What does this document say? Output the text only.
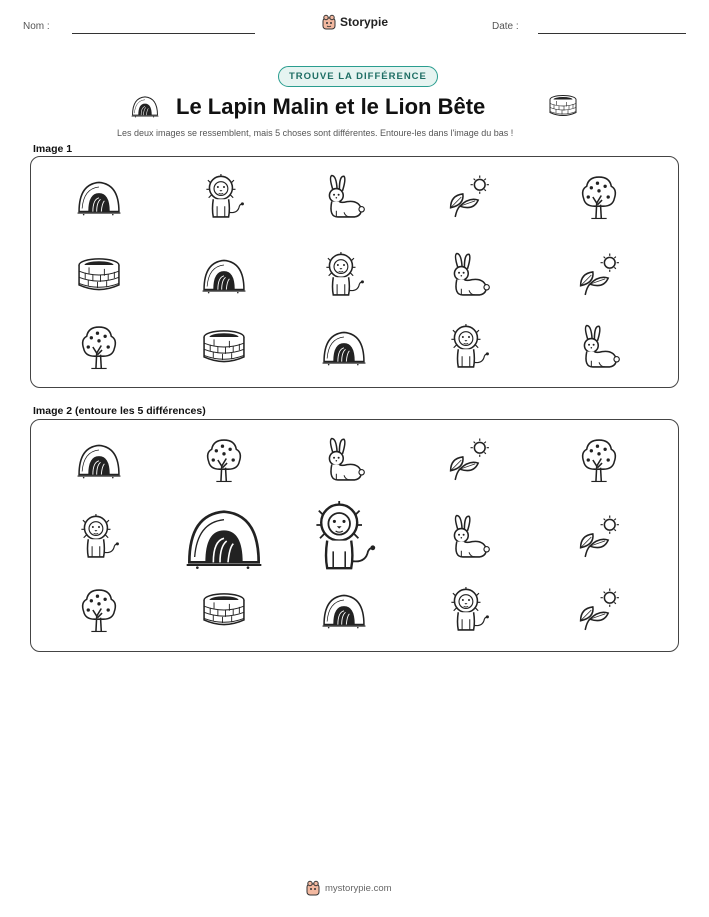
Nom :	Storypie	Date :
TROUVE LA DIFFÉRENCE
Le Lapin Malin et le Lion Bête
Les deux images se ressemblent, mais 5 choses sont différentes. Entoure-les dans l'image du bas !
Image 1
Image 2 (entoure les 5 différences)
mystorypie.com
